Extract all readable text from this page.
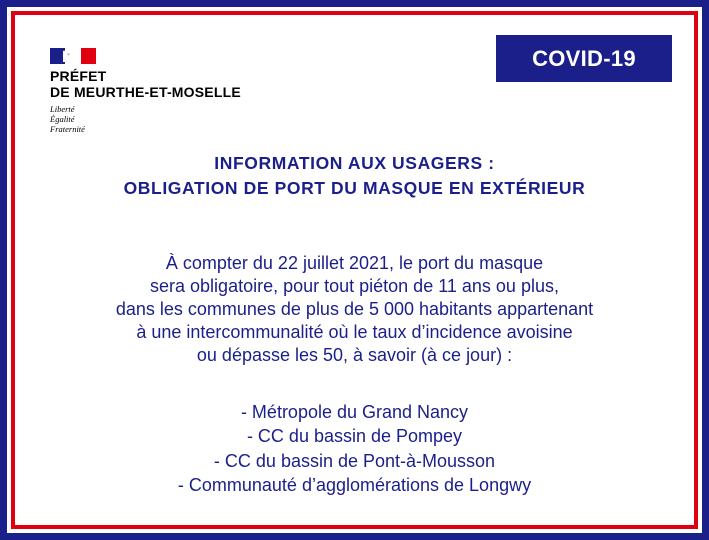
PRÉFET
DE MEURTHE-ET-MOSELLE
Liberté
Égalité
Fraternité
COVID-19
INFORMATION AUX USAGERS :
OBLIGATION DE PORT DU MASQUE EN EXTÉRIEUR
À compter du 22 juillet 2021, le port du masque
sera obligatoire, pour tout piéton de 11 ans ou plus,
dans les communes de plus de 5 000 habitants appartenant
à une intercommunalité où le taux d’incidence avoisine
ou dépasse les 50, à savoir (à ce jour) :
- Métropole du Grand Nancy
- CC du bassin de Pompey
- CC du bassin de Pont-à-Mousson
- Communauté d’agglomérations de Longwy
